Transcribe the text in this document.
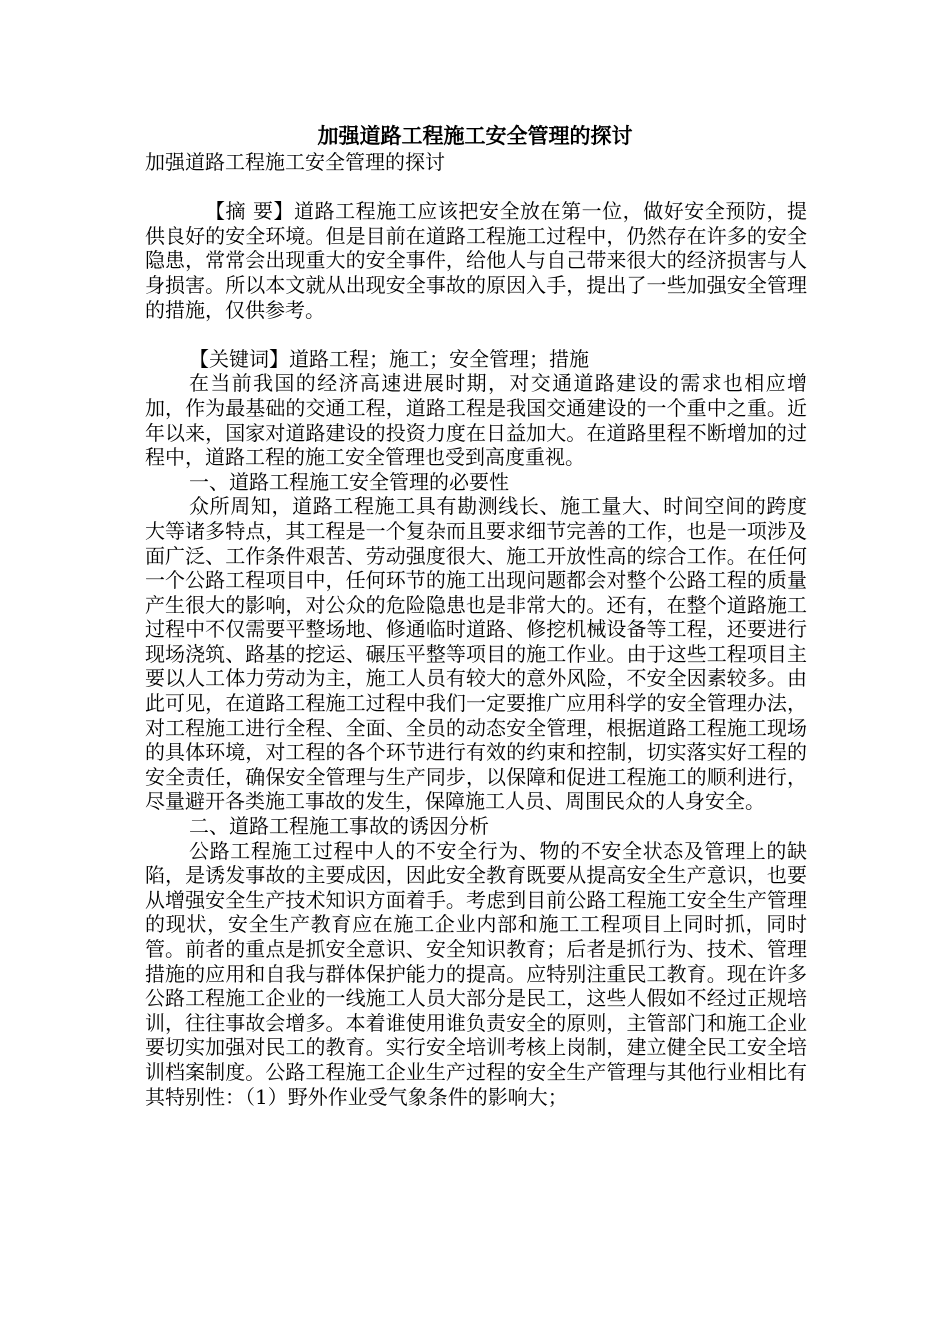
加强道路工程施工安全管理的探讨

加强道路工程施工安全管理的探讨

【摘 要】道路工程施工应该把安全放在第一位，做好安全预防，提供良好的安全环境。但是目前在道路工程施工过程中，仍然存在许多的安全隐患，常常会出现重大的安全事件，给他人与自己带来很大的经济损害与人身损害。所以本文就从出现安全事故的原因入手，提出了一些加强安全管理的措施，仅供参考。

【关键词】道路工程；施工；安全管理；措施

在当前我国的经济高速进展时期，对交通道路建设的需求也相应增加，作为最基础的交通工程，道路工程是我国交通建设的一个重中之重。近年以来，国家对道路建设的投资力度在日益加大。在道路里程不断增加的过程中，道路工程的施工安全管理也受到高度重视。

一、道路工程施工安全管理的必要性

众所周知，道路工程施工具有勘测线长、施工量大、时间空间的跨度大等诸多特点，其工程是一个复杂而且要求细节完善的工作，也是一项涉及面广泛、工作条件艰苦、劳动强度很大、施工开放性高的综合工作。在任何一个公路工程项目中，任何环节的施工出现问题都会对整个公路工程的质量产生很大的影响，对公众的危险隐患也是非常大的。还有，在整个道路施工过程中不仅需要平整场地、修通临时道路、修挖机械设备等工程，还要进行现场浇筑、路基的挖运、碾压平整等项目的施工作业。由于这些工程项目主要以人工体力劳动为主，施工人员有较大的意外风险，不安全因素较多。由此可见，在道路工程施工过程中我们一定要推广应用科学的安全管理办法，对工程施工进行全程、全面、全员的动态安全管理，根据道路工程施工现场的具体环境，对工程的各个环节进行有效的约束和控制，切实落实好工程的安全责任，确保安全管理与生产同步，以保障和促进工程施工的顺利进行，尽量避开各类施工事故的发生，保障施工人员、周围民众的人身安全。

二、道路工程施工事故的诱因分析

公路工程施工过程中人的不安全行为、物的不安全状态及管理上的缺陷，是诱发事故的主要成因，因此安全教育既要从提高安全生产意识，也要从增强安全生产技术知识方面着手。考虑到目前公路工程施工安全生产管理的现状，安全生产教育应在施工企业内部和施工工程项目上同时抓，同时管。前者的重点是抓安全意识、安全知识教育；后者是抓行为、技术、管理措施的应用和自我与群体保护能力的提高。应特别注重民工教育。现在许多公路工程施工企业的一线施工人员大部分是民工，这些人假如不经过正规培训，往往事故会增多。本着谁使用谁负责安全的原则，主管部门和施工企业要切实加强对民工的教育。实行安全培训考核上岗制，建立健全民工安全培训档案制度。公路工程施工企业生产过程的安全生产管理与其他行业相比有其特别性：（1）野外作业受气象条件的影响大；
